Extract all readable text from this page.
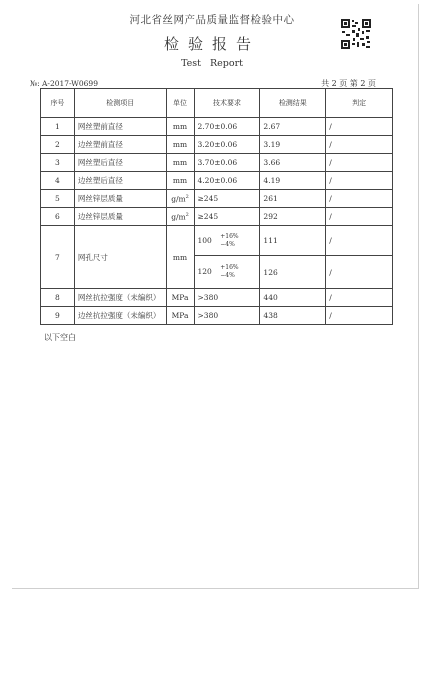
河北省丝网产品质量监督检验中心
检验报告
Test Report
№: A-2017-W0699	共 2 页 第 2 页
序号	检测项目	单位	技术要求	检测结果	判定
1	网丝塑前直径	mm	2.70±0.06	2.67	/
2	边丝塑前直径	mm	3.20±0.06	3.19	/
3	网丝塑后直径	mm	3.70±0.06	3.66	/
4	边丝塑后直径	mm	4.20±0.06	4.19	/
5	网丝锌层质量	$g/m^2$	≥245	261	/
6	边丝锌层质量	$g/m^2$	≥245	292	/
7	网孔尺寸	mm	100 +16%
−4%	111	/
			120 +16%
−4%	126	/
8	网丝抗拉强度（未编织）	MPa	>380	440	/
9	边丝抗拉强度（未编织）	MPa	>380	438	/
以下空白
